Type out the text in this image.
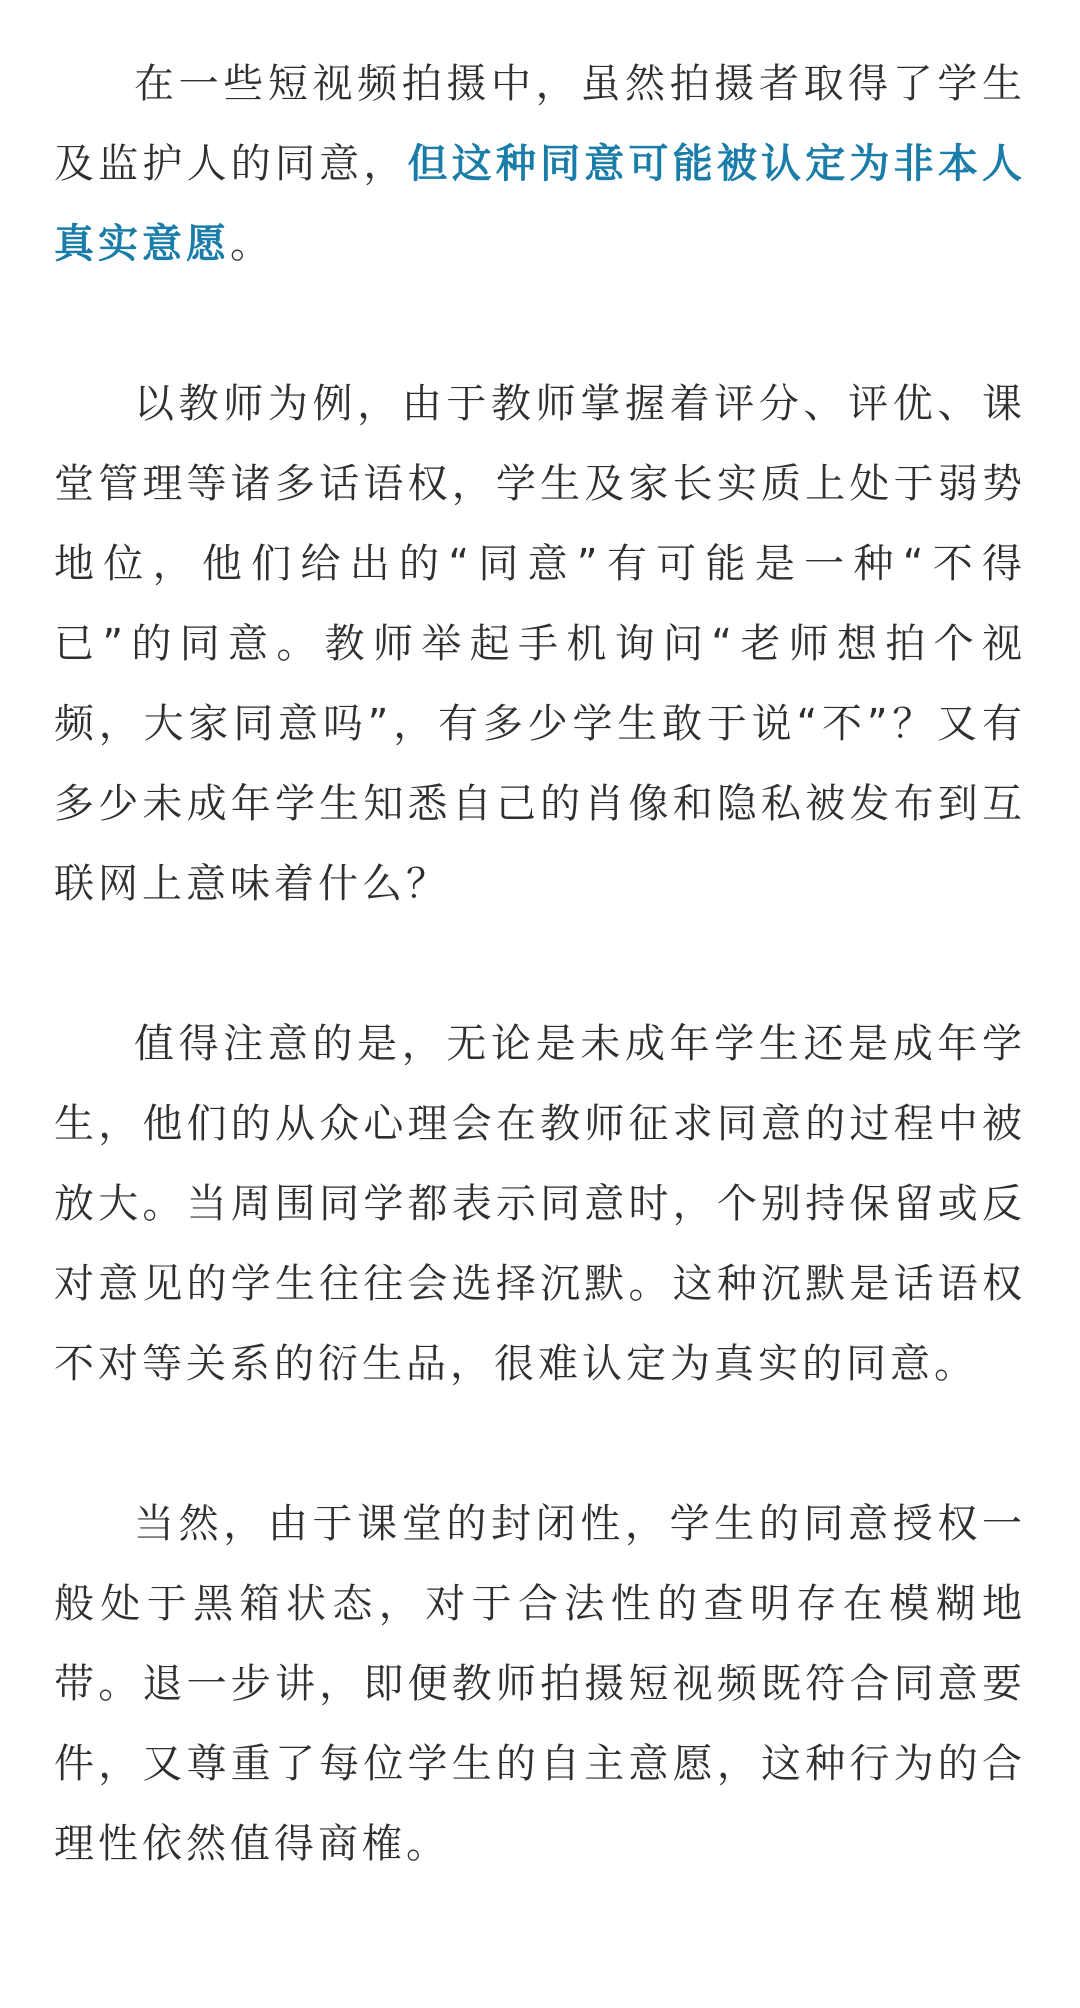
在一些短视频拍摄中，虽然拍摄者取得了学生及监护人的同意，但这种同意可能被认定为非本人真实意愿。

以教师为例，由于教师掌握着评分、评优、课堂管理等诸多话语权，学生及家长实质上处于弱势地位，他们给出的“同意”有可能是一种“不得已”的同意。教师举起手机询问“老师想拍个视频，大家同意吗”，有多少学生敢于说“不”？又有多少未成年学生知悉自己的肖像和隐私被发布到互联网上意味着什么？

值得注意的是，无论是未成年学生还是成年学生，他们的从众心理会在教师征求同意的过程中被放大。当周围同学都表示同意时，个别持保留或反对意见的学生往往会选择沉默。这种沉默是话语权不对等关系的衍生品，很难认定为真实的同意。

当然，由于课堂的封闭性，学生的同意授权一般处于黑箱状态，对于合法性的查明存在模糊地带。退一步讲，即便教师拍摄短视频既符合同意要件，又尊重了每位学生的自主意愿，这种行为的合理性依然值得商榷。
